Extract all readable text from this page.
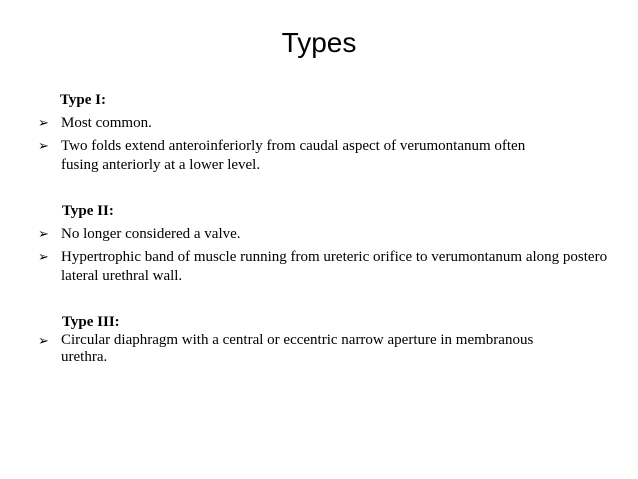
Types
Type I:
➢ Most common.
➢ Two folds extend anteroinferiorly from caudal aspect of verumontanum often fusing anteriorly at a lower level.
Type II:
➢ No longer considered a valve.
➢ Hypertrophic band of muscle running from ureteric orifice to verumontanum along postero lateral urethral wall.
Type III:
➢ Circular diaphragm with a central or eccentric narrow aperture in membranous urethra.
